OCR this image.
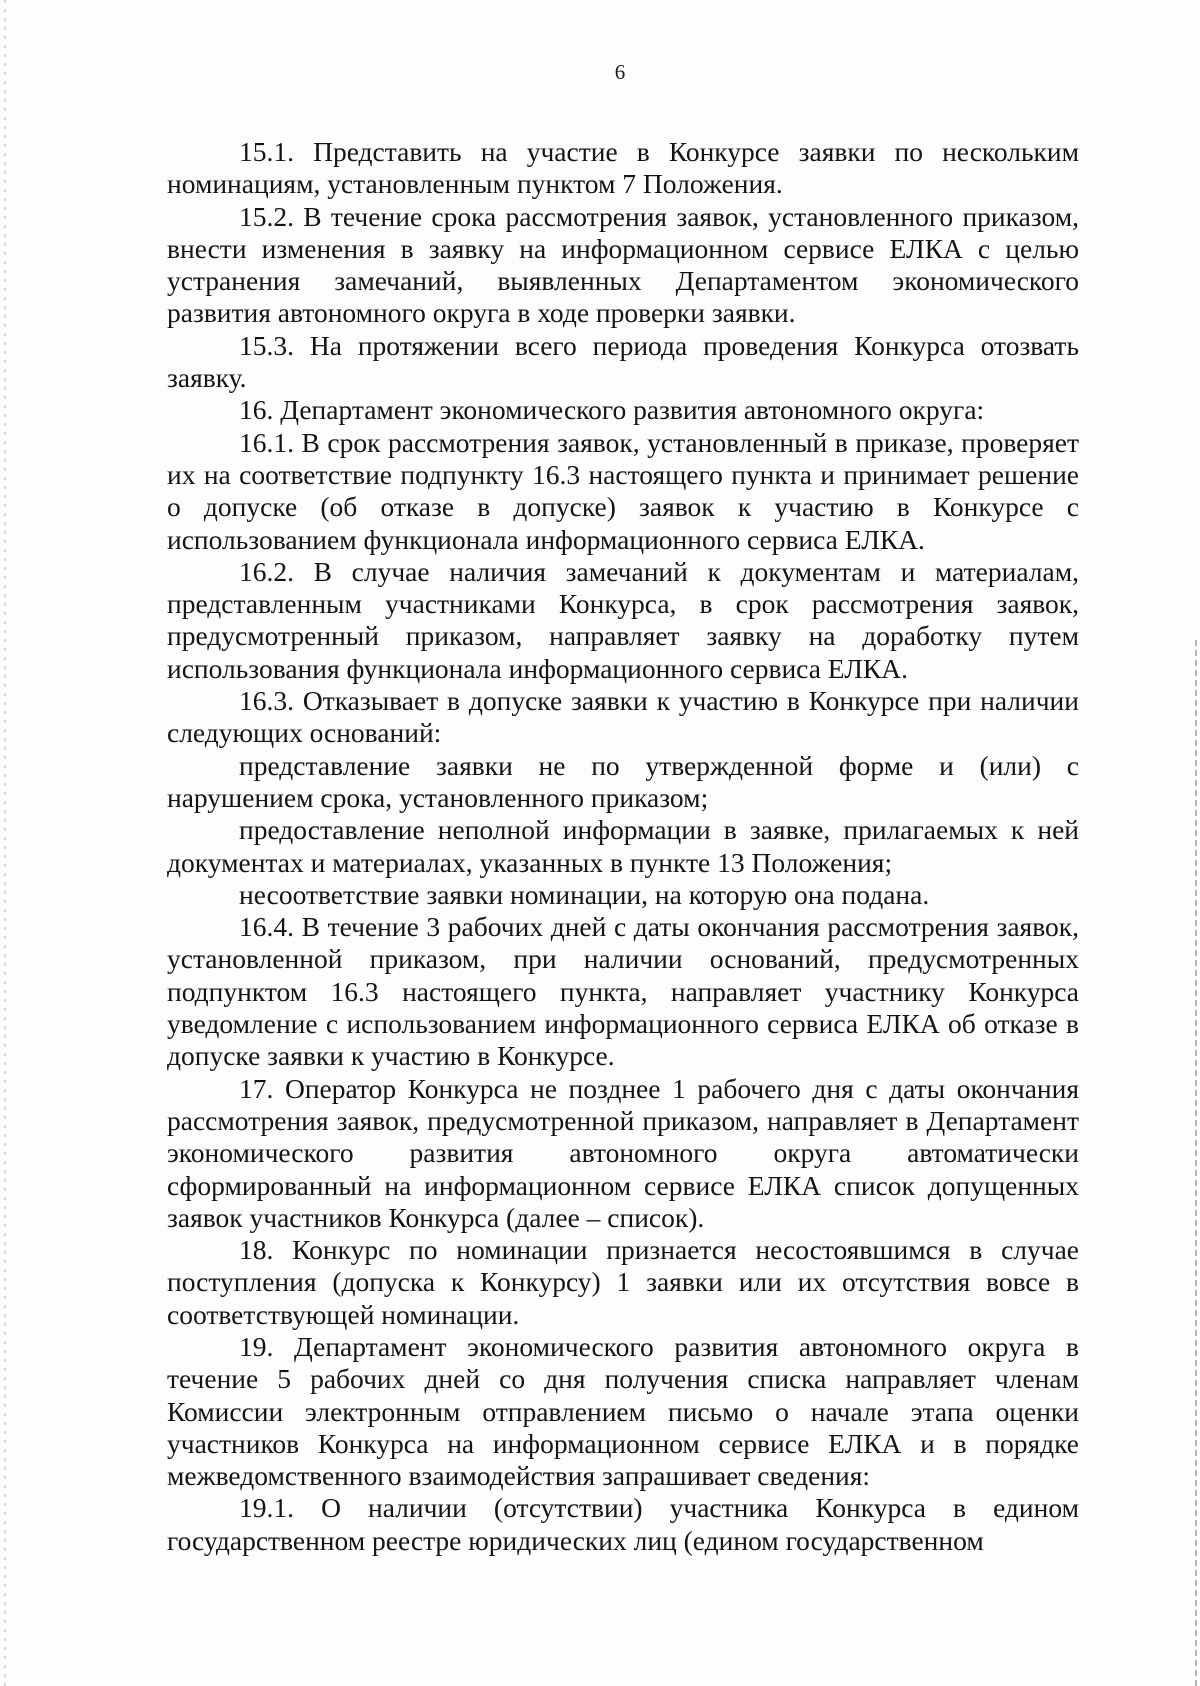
6

15.1. Представить на участие в Конкурсе заявки по нескольким номинациям, установленным пунктом 7 Положения.

15.2. В течение срока рассмотрения заявок, установленного приказом, внести изменения в заявку на информационном сервисе ЕЛКА с целью устранения замечаний, выявленных Департаментом экономического развития автономного округа в ходе проверки заявки.

15.3. На протяжении всего периода проведения Конкурса отозвать заявку.

16. Департамент экономического развития автономного округа:

16.1. В срок рассмотрения заявок, установленный в приказе, проверяет их на соответствие подпункту 16.3 настоящего пункта и принимает решение о допуске (об отказе в допуске) заявок к участию в Конкурсе с использованием функционала информационного сервиса ЕЛКА.

16.2. В случае наличия замечаний к документам и материалам, представленным участниками Конкурса, в срок рассмотрения заявок, предусмотренный приказом, направляет заявку на доработку путем использования функционала информационного сервиса ЕЛКА.

16.3. Отказывает в допуске заявки к участию в Конкурсе при наличии следующих оснований:

представление заявки не по утвержденной форме и (или) с нарушением срока, установленного приказом;

предоставление неполной информации в заявке, прилагаемых к ней документах и материалах, указанных в пункте 13 Положения;

несоответствие заявки номинации, на которую она подана.

16.4. В течение 3 рабочих дней с даты окончания рассмотрения заявок, установленной приказом, при наличии оснований, предусмотренных подпунктом 16.3 настоящего пункта, направляет участнику Конкурса уведомление с использованием информационного сервиса ЕЛКА об отказе в допуске заявки к участию в Конкурсе.

17. Оператор Конкурса не позднее 1 рабочего дня с даты окончания рассмотрения заявок, предусмотренной приказом, направляет в Департамент экономического развития автономного округа автоматически сформированный на информационном сервисе ЕЛКА список допущенных заявок участников Конкурса (далее – список).

18. Конкурс по номинации признается несостоявшимся в случае поступления (допуска к Конкурсу) 1 заявки или их отсутствия вовсе в соответствующей номинации.

19. Департамент экономического развития автономного округа в течение 5 рабочих дней со дня получения списка направляет членам Комиссии электронным отправлением письмо о начале этапа оценки участников Конкурса на информационном сервисе ЕЛКА и в порядке межведомственного взаимодействия запрашивает сведения:

19.1. О наличии (отсутствии) участника Конкурса в едином государственном реестре юридических лиц (едином государственном
